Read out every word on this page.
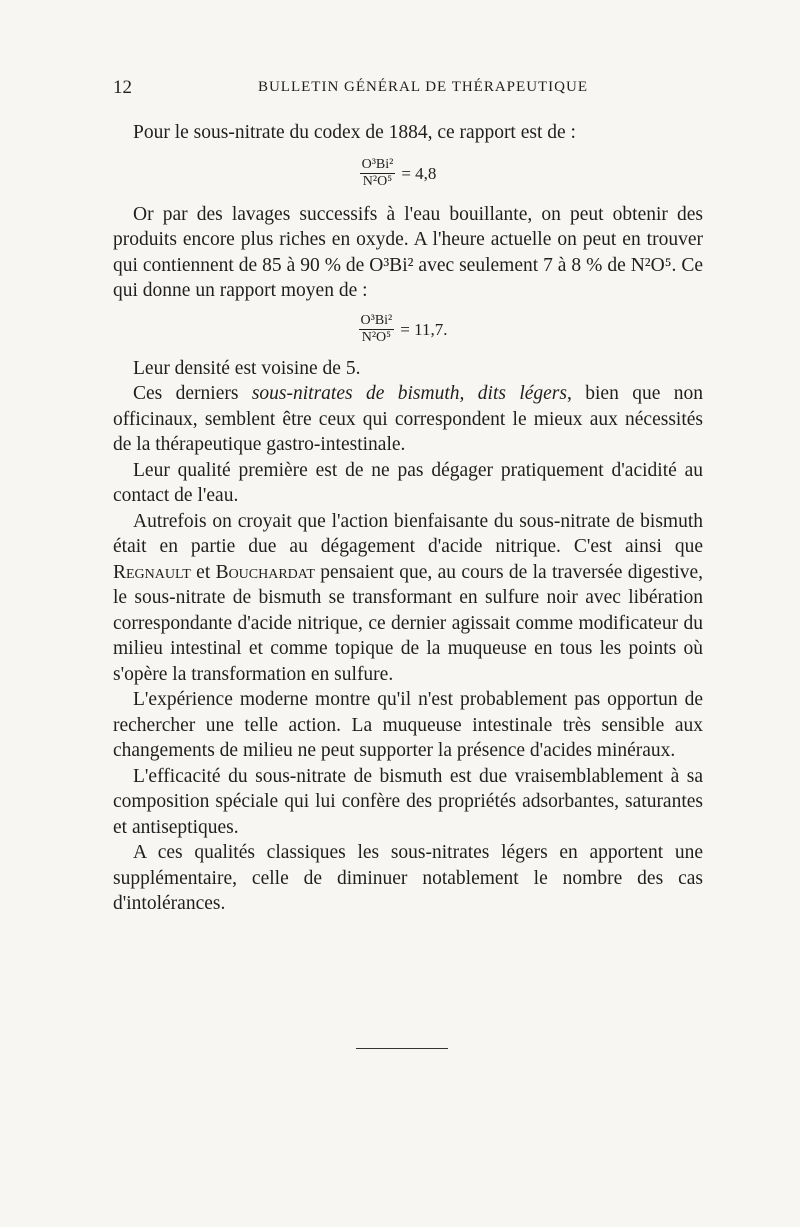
12	BULLETIN GÉNÉRAL DE THÉRAPEUTIQUE

Pour le sous-nitrate du codex de 1884, ce rapport est de :

$\frac{\text{O³Bi²}}{\text{N²O⁵}} = 4,8$

Or par des lavages successifs à l'eau bouillante, on peut obtenir des produits encore plus riches en oxyde. A l'heure actuelle on peut en trouver qui contiennent de 85 à 90 % de O³Bi² avec seulement 7 à 8 % de N²O⁵. Ce qui donne un rapport moyen de :

$\frac{\text{O³Bi²}}{\text{N²O⁵}} = 11,7$.

Leur densité est voisine de 5.

Ces derniers sous-nitrates de bismuth, dits légers, bien que non officinaux, semblent être ceux qui correspondent le mieux aux nécessités de la thérapeutique gastro-intestinale.

Leur qualité première est de ne pas dégager pratiquement d'acidité au contact de l'eau.

Autrefois on croyait que l'action bienfaisante du sous-nitrate de bismuth était en partie due au dégagement d'acide nitrique. C'est ainsi que Regnault et Bouchardat pensaient que, au cours de la traversée digestive, le sous-nitrate de bismuth se transformant en sulfure noir avec libération correspondante d'acide nitrique, ce dernier agissait comme modificateur du milieu intestinal et comme topique de la muqueuse en tous les points où s'opère la transformation en sulfure.

L'expérience moderne montre qu'il n'est probablement pas opportun de rechercher une telle action. La muqueuse intestinale très sensible aux changements de milieu ne peut supporter la présence d'acides minéraux.

L'efficacité du sous-nitrate de bismuth est due vraisemblablement à sa composition spéciale qui lui confère des propriétés adsorbantes, saturantes et antiseptiques.

A ces qualités classiques les sous-nitrates légers en apportent une supplémentaire, celle de diminuer notablement le nombre des cas d'intolérances.
